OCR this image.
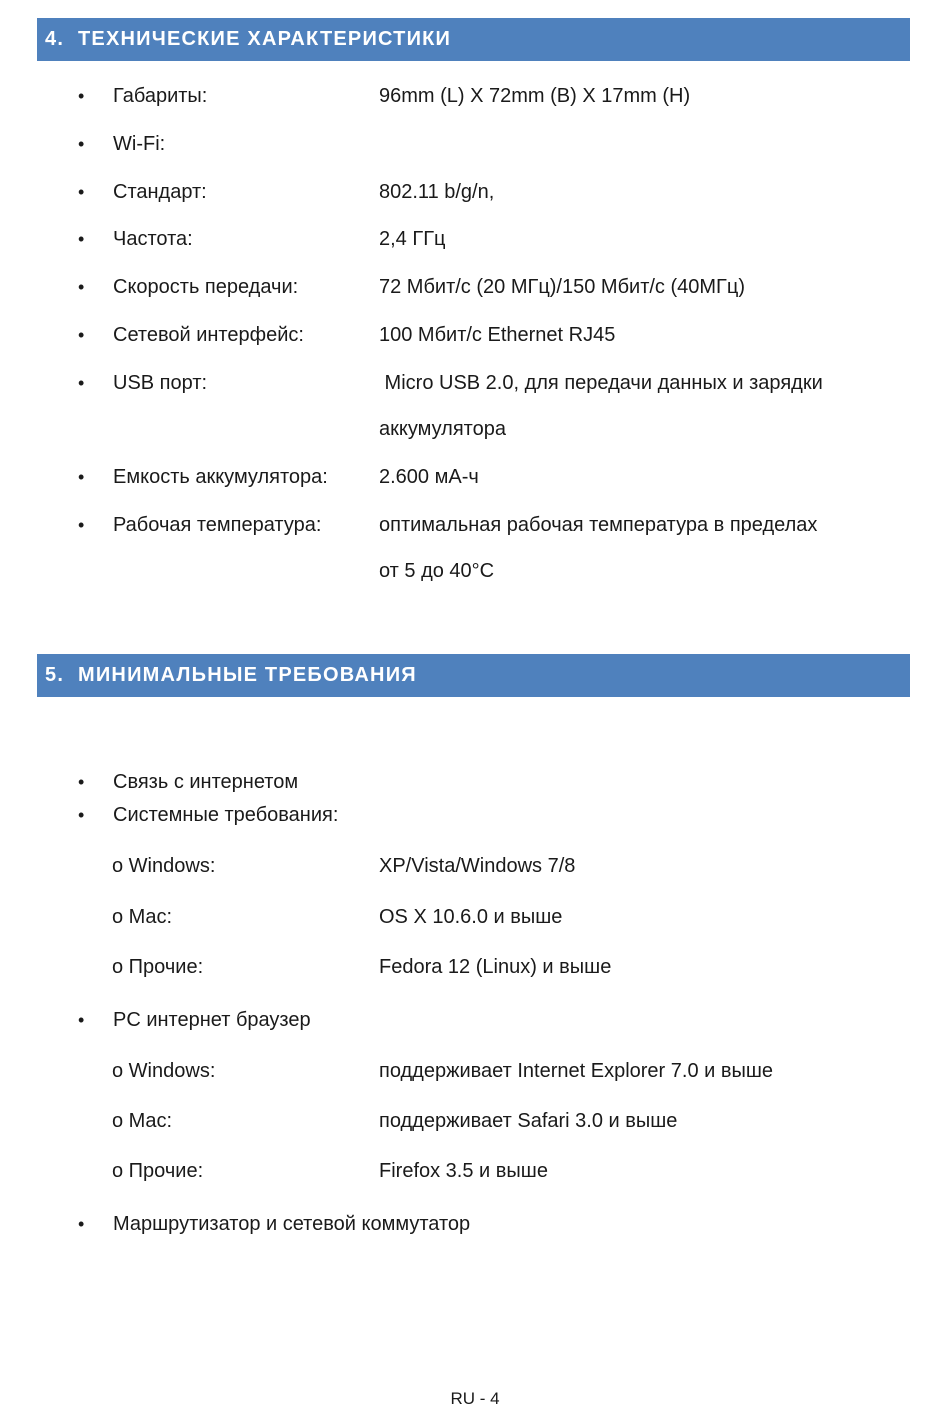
4. ТЕХНИЧЕСКИЕ ХАРАКТЕРИСТИКИ
• Габариты:	96mm (L) X 72mm (B) X 17mm (H)
• Wi-Fi:
• Стандарт:	802.11 b/g/n,
• Частота:	2,4 ГГц
• Скорость передачи:	72 Мбит/с (20 МГц)/150 Мбит/с (40МГц)
• Сетевой интерфейс:	100 Мбит/с Ethernet RJ45
• USB порт:	Micro USB 2.0, для передачи данных и зарядки
аккумулятора
• Емкость аккумулятора:	2.600 мА-ч
• Рабочая температура:	оптимальная рабочая температура в пределах
от 5 до 40°C
5. МИНИМАЛЬНЫЕ ТРЕБОВАНИЯ
• Связь с интернетом
• Системные требования:
o Windows:	XP/Vista/Windows 7/8
o Mac:	OS X 10.6.0 и выше
o Прочие:	Fedora 12 (Linux) и выше
• PC интернет браузер
o Windows:	поддерживает Internet Explorer 7.0 и выше
o Mac:	поддерживает Safari 3.0 и выше
o Прочие:	Firefox 3.5 и выше
• Маршрутизатор и сетевой коммутатор
RU - 4
